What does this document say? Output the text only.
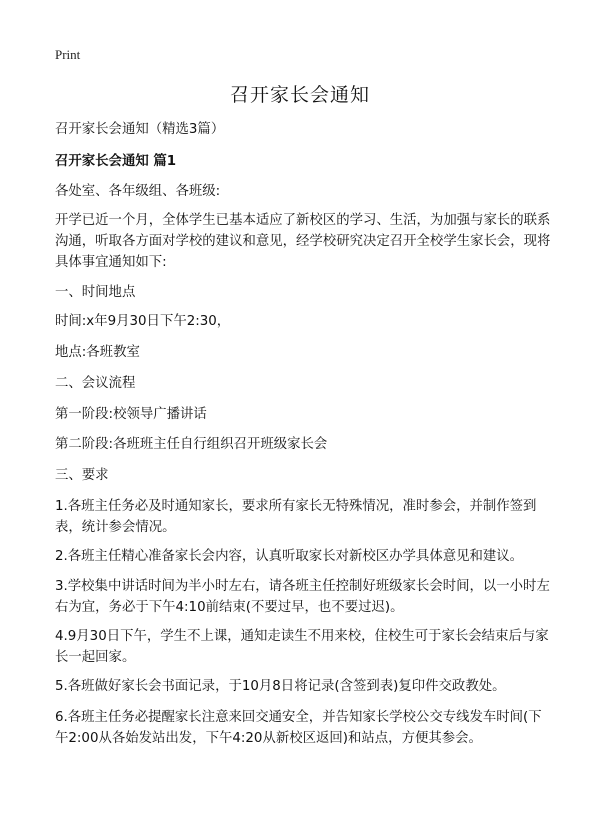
Print
召开家长会通知
召开家长会通知（精选3篇）
召开家长会通知 篇1
各处室、各年级组、各班级:
开学已近一个月，全体学生已基本适应了新校区的学习、生活，为加强与家长的联系沟通，听取各方面对学校的建议和意见，经学校研究决定召开全校学生家长会，现将具体事宜通知如下:
一、时间地点
时间:x年9月30日下午2:30，
地点:各班教室
二、会议流程
第一阶段:校领导广播讲话
第二阶段:各班班主任自行组织召开班级家长会
三、要求
1.各班主任务必及时通知家长，要求所有家长无特殊情况，准时参会，并制作签到表，统计参会情况。
2.各班主任精心准备家长会内容，认真听取家长对新校区办学具体意见和建议。
3.学校集中讲话时间为半小时左右，请各班主任控制好班级家长会时间，以一小时左右为宜，务必于下午4:10前结束(不要过早，也不要过迟)。
4.9月30日下午，学生不上课，通知走读生不用来校，住校生可于家长会结束后与家长一起回家。
5.各班做好家长会书面记录，于10月8日将记录(含签到表)复印件交政教处。
6.各班主任务必提醒家长注意来回交通安全，并告知家长学校公交专线发车时间(下午2:00从各始发站出发，下午4:20从新校区返回)和站点，方便其参会。
